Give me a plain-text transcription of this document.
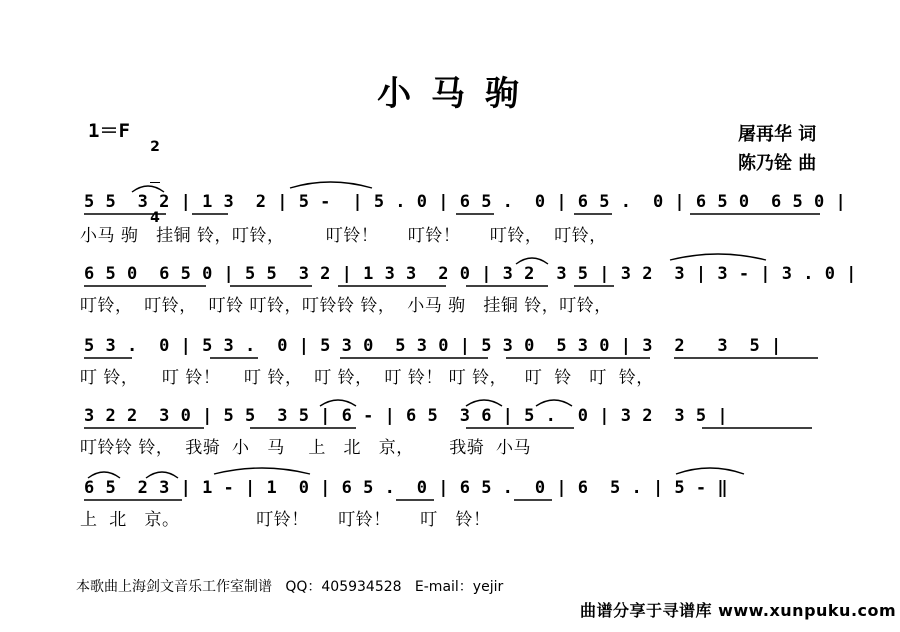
小 马 驹
1＝F

2

4

屠再华 词
陈乃铨 曲
5 5  3 2 | 1 3  2 | 5 -  | 5 . 0 | 6 5 .  0 | 6 5 .  0 | 6 5 0  6 5 0 |
小马 驹   挂铜 铃，叮铃，       叮铃！     叮铃！     叮铃，  叮铃，
6 5 0  6 5 0 | 5 5  3 2 | 1 3 3  2 0 | 3 2  3 5 | 3 2  3 | 3 - | 3 . 0 |
叮铃，  叮铃，  叮铃 叮铃，叮铃铃 铃，  小马 驹   挂铜 铃，叮铃，
5 3 .  0 | 5 3 .  0 | 5 3 0  5 3 0 | 5 3 0  5 3 0 | 3  2   3  5 |
叮 铃，    叮 铃！    叮 铃，  叮 铃，  叮 铃！ 叮 铃，   叮  铃   叮  铃，
3 2 2  3 0 | 5 5  3 5 | 6 - | 6 5  3 6 | 5 .  0 | 3 2  3 5 |
叮铃铃 铃，  我骑  小   马    上   北   京，      我骑  小马
6 5  2 3 | 1 - | 1  0 | 6 5 .  0 | 6 5 .  0 | 6  5 . | 5 - ‖
上  北   京。             叮铃！     叮铃！     叮   铃！
本歌曲上海剑文音乐工作室制谱   QQ：405934528   E-mail：yejir
曲谱分享于寻谱库 www.xunpuku.com
